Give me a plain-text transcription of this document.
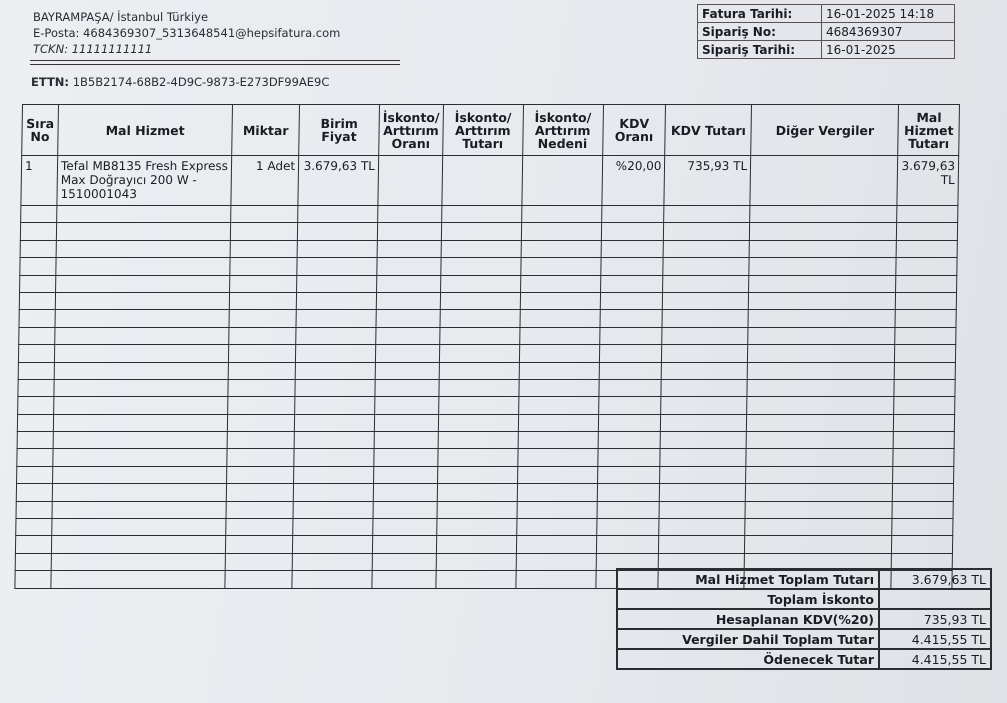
BAYRAMPAŞA/ İstanbul Türkiye
E-Posta: 4684369307_5313648541@hepsifatura.com
TCKN: 11111111111
ETTN: 1B5B2174-68B2-4D9C-9873-E273DF99AE9C
Fatura Tarihi:	16-01-2025 14:18
Sipariş No:	4684369307
Sipariş Tarihi:	16-01-2025
Sıra No	Mal Hizmet	Miktar	Birim Fiyat	İskonto/ Arttırım Oranı	İskonto/ Arttırım Tutarı	İskonto/ Arttırım Nedeni	KDV Oranı	KDV Tutarı	Diğer Vergiler	Mal Hizmet Tutarı
1	Tefal MB8135 Fresh Express Max Doğrayıcı 200 W - 1510001043	1 Adet	3.679,63 TL				%20,00	735,93 TL		3.679,63 TL

Mal Hizmet Toplam Tutarı	3.679,63 TL
Toplam İskonto	
Hesaplanan KDV(%20)	735,93 TL
Vergiler Dahil Toplam Tutar	4.415,55 TL
Ödenecek Tutar	4.415,55 TL
